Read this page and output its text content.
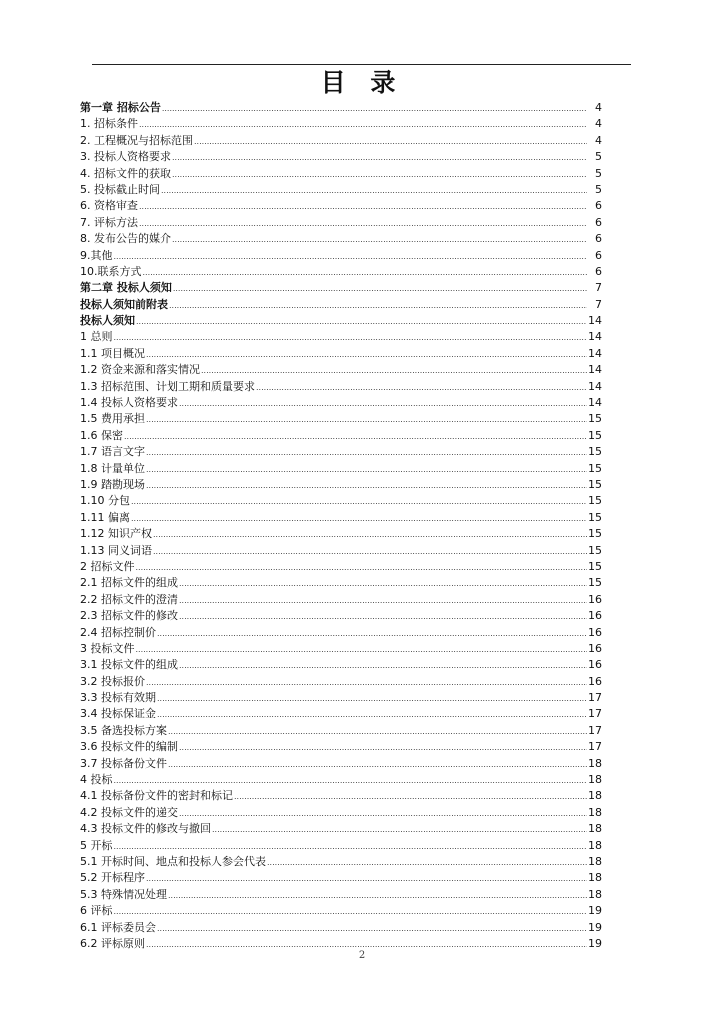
目 录
第一章 招标公告 .....	4
1. 招标条件 .....	4
2. 工程概况与招标范围 .....	4
3. 投标人资格要求 .....	5
4. 招标文件的获取 .....	5
5. 投标截止时间 .....	5
6. 资格审查 .....	6
7. 评标方法 .....	6
8. 发布公告的媒介 .....	6
9.其他 .....	6
10.联系方式 .....	6
第二章 投标人须知 .....	7
投标人须知前附表 .....	7
投标人须知 .....	14
1 总则 .....	14
1.1 项目概况 .....	14
1.2 资金来源和落实情况 .....	14
1.3 招标范围、计划工期和质量要求 .....	14
1.4 投标人资格要求 .....	14
1.5 费用承担 .....	15
1.6 保密 .....	15
1.7 语言文字 .....	15
1.8 计量单位 .....	15
1.9 踏勘现场 .....	15
1.10 分包 .....	15
1.11 偏离 .....	15
1.12 知识产权 .....	15
1.13 同义词语 .....	15
2 招标文件 .....	15
2.1 招标文件的组成 .....	15
2.2 招标文件的澄清 .....	16
2.3 招标文件的修改 .....	16
2.4 招标控制价 .....	16
3 投标文件 .....	16
3.1 投标文件的组成 .....	16
3.2 投标报价 .....	16
3.3 投标有效期 .....	17
3.4 投标保证金 .....	17
3.5 备选投标方案 .....	17
3.6 投标文件的编制 .....	17
3.7 投标备份文件 .....	18
4 投标 .....	18
4.1 投标备份文件的密封和标记 .....	18
4.2 投标文件的递交 .....	18
4.3 投标文件的修改与撤回 .....	18
5 开标 .....	18
5.1 开标时间、地点和投标人参会代表 .....	18
5.2 开标程序 .....	18
5.3 特殊情况处理 .....	18
6 评标 .....	19
6.1 评标委员会 .....	19
6.2 评标原则 .....	19
2
